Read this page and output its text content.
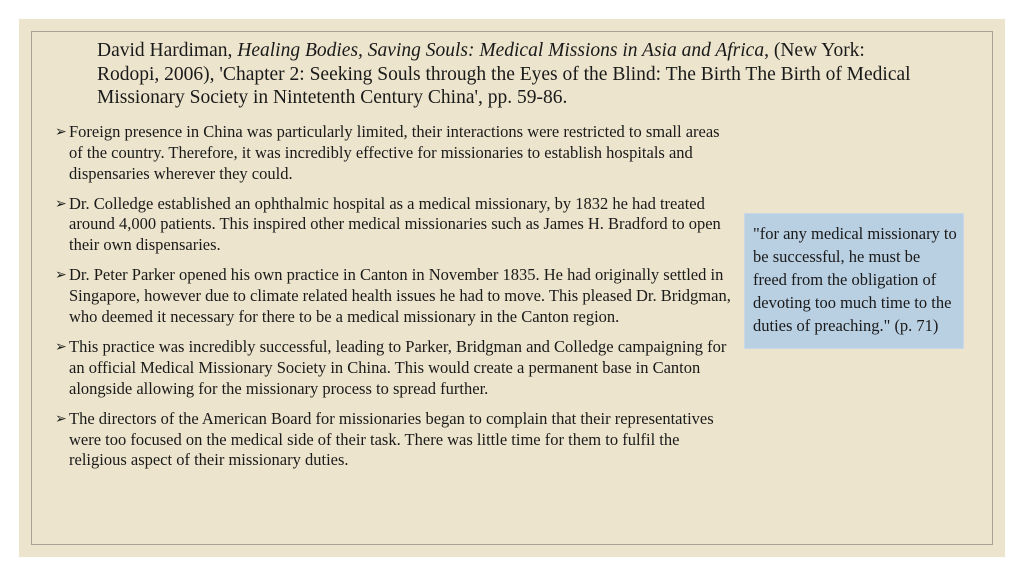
David Hardiman, Healing Bodies, Saving Souls: Medical Missions in Asia and Africa, (New York: Rodopi, 2006), 'Chapter 2: Seeking Souls through the Eyes of the Blind: The Birth The Birth of Medical Missionary Society in Nintetenth Century China', pp. 59-86.
➢ Foreign presence in China was particularly limited, their interactions were restricted to small areas of the country. Therefore, it was incredibly effective for missionaries to establish hospitals and dispensaries wherever they could.
➢ Dr. Colledge established an ophthalmic hospital as a medical missionary, by 1832 he had treated around 4,000 patients. This inspired other medical missionaries such as James H. Bradford to open their own dispensaries.
➢ Dr. Peter Parker opened his own practice in Canton in November 1835. He had originally settled in Singapore, however due to climate related health issues he had to move. This pleased Dr. Bridgman, who deemed it necessary for there to be a medical missionary in the Canton region.
➢ This practice was incredibly successful, leading to Parker, Bridgman and Colledge campaigning for an official Medical Missionary Society in China. This would create a permanent base in Canton alongside allowing for the missionary process to spread further.
➢ The directors of the American Board for missionaries began to complain that their representatives were too focused on the medical side of their task. There was little time for them to fulfil the religious aspect of their missionary duties.
"for any medical missionary to be successful, he must be freed from the obligation of devoting too much time to the duties of preaching." (p. 71)
